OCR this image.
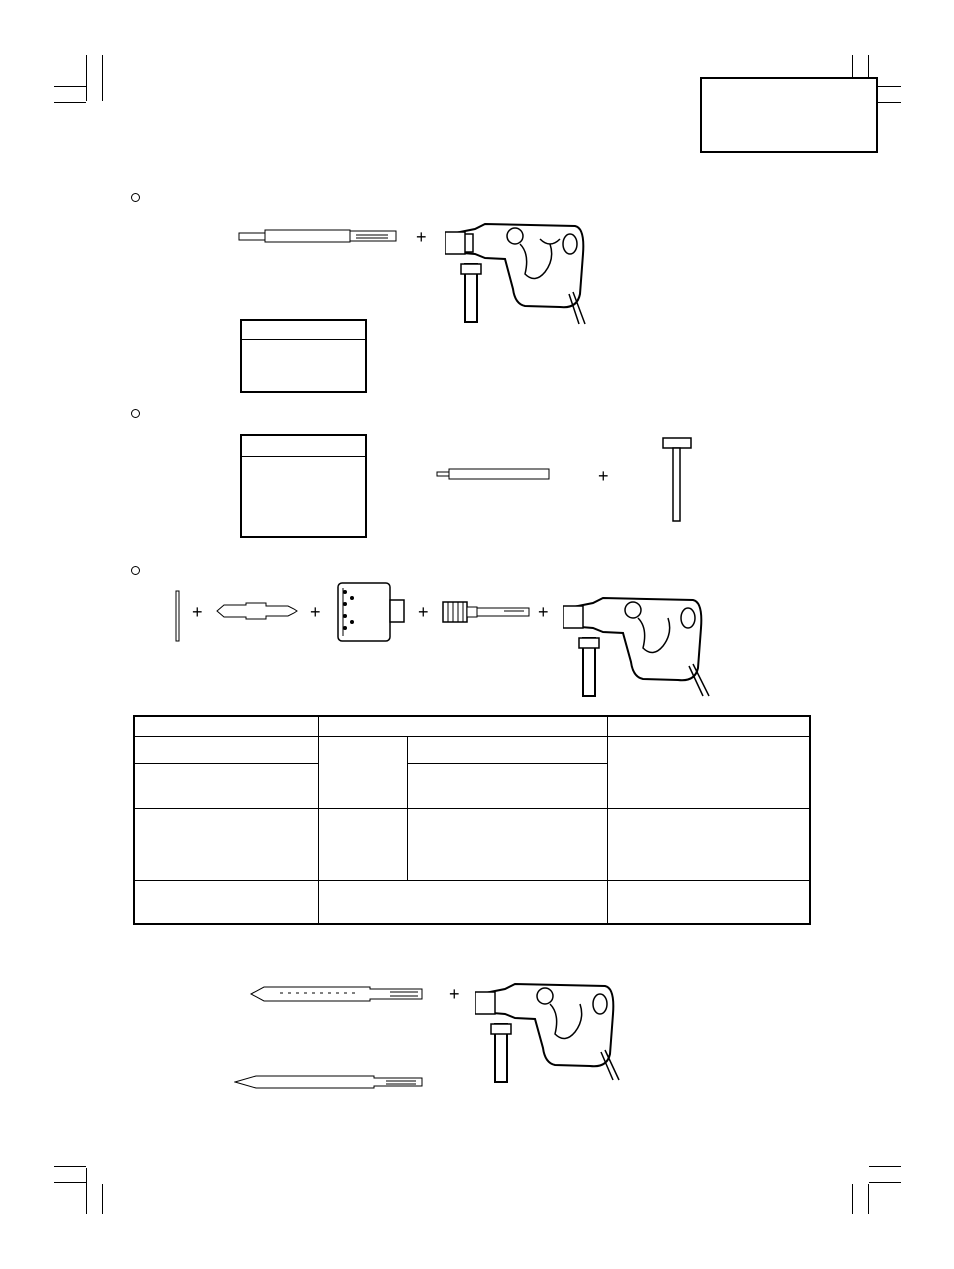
+
+
+	+	+	+

+
